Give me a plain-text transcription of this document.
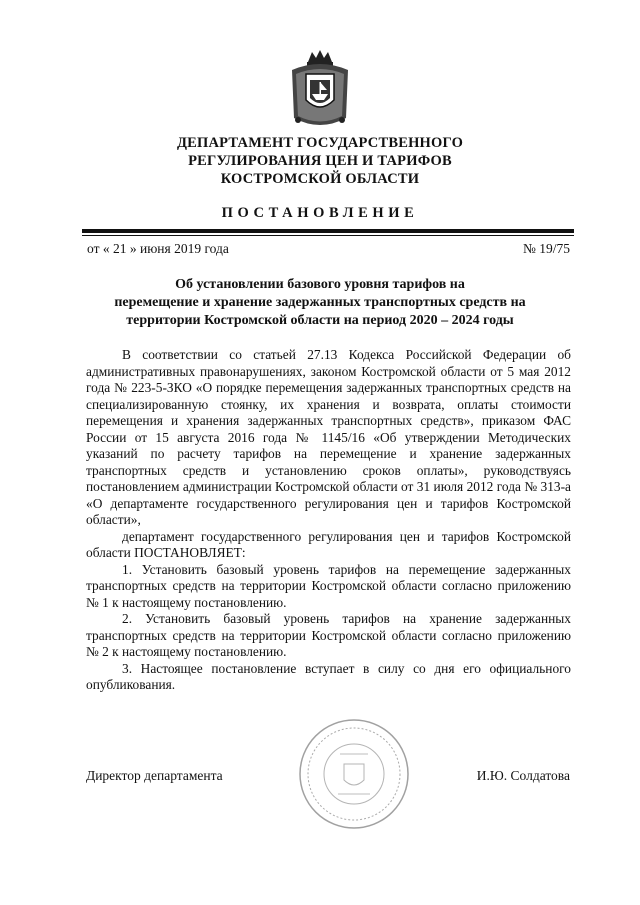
ДЕПАРТАМЕНТ ГОСУДАРСТВЕННОГО
РЕГУЛИРОВАНИЯ ЦЕН И ТАРИФОВ
КОСТРОМСКОЙ ОБЛАСТИ
ПОСТАНОВЛЕНИЕ
от « 21 » июня 2019 года	№ 19/75
Об установлении базового уровня тарифов на
перемещение и хранение задержанных транспортных средств на
территории Костромской области на период 2020 – 2024 годы

В соответствии со статьей 27.13 Кодекса Российской Федерации об административных правонарушениях, законом Костромской области от 5 мая 2012 года № 223-5-ЗКО «О порядке перемещения задержанных транспортных средств на специализированную стоянку, их хранения и возврата, оплаты стоимости перемещения и хранения задержанных транспортных средств», приказом ФАС России от 15 августа 2016 года № 1145/16 «Об утверждении Методических указаний по расчету тарифов на перемещение и хранение задержанных транспортных средств и установлению сроков оплаты», руководствуясь постановлением администрации Костромской области от 31 июля 2012 года № 313-а «О департаменте государственного регулирования цен и тарифов Костромской области»,

департамент государственного регулирования цен и тарифов Костромской области ПОСТАНОВЛЯЕТ:

1. Установить базовый уровень тарифов на перемещение задержанных транспортных средств на территории Костромской области согласно приложению № 1 к настоящему постановлению.

2. Установить базовый уровень тарифов на хранение задержанных транспортных средств на территории Костромской области согласно приложению № 2 к настоящему постановлению.

3. Настоящее постановление вступает в силу со дня его официального опубликования.

Директор департамента	И.Ю. Солдатова
